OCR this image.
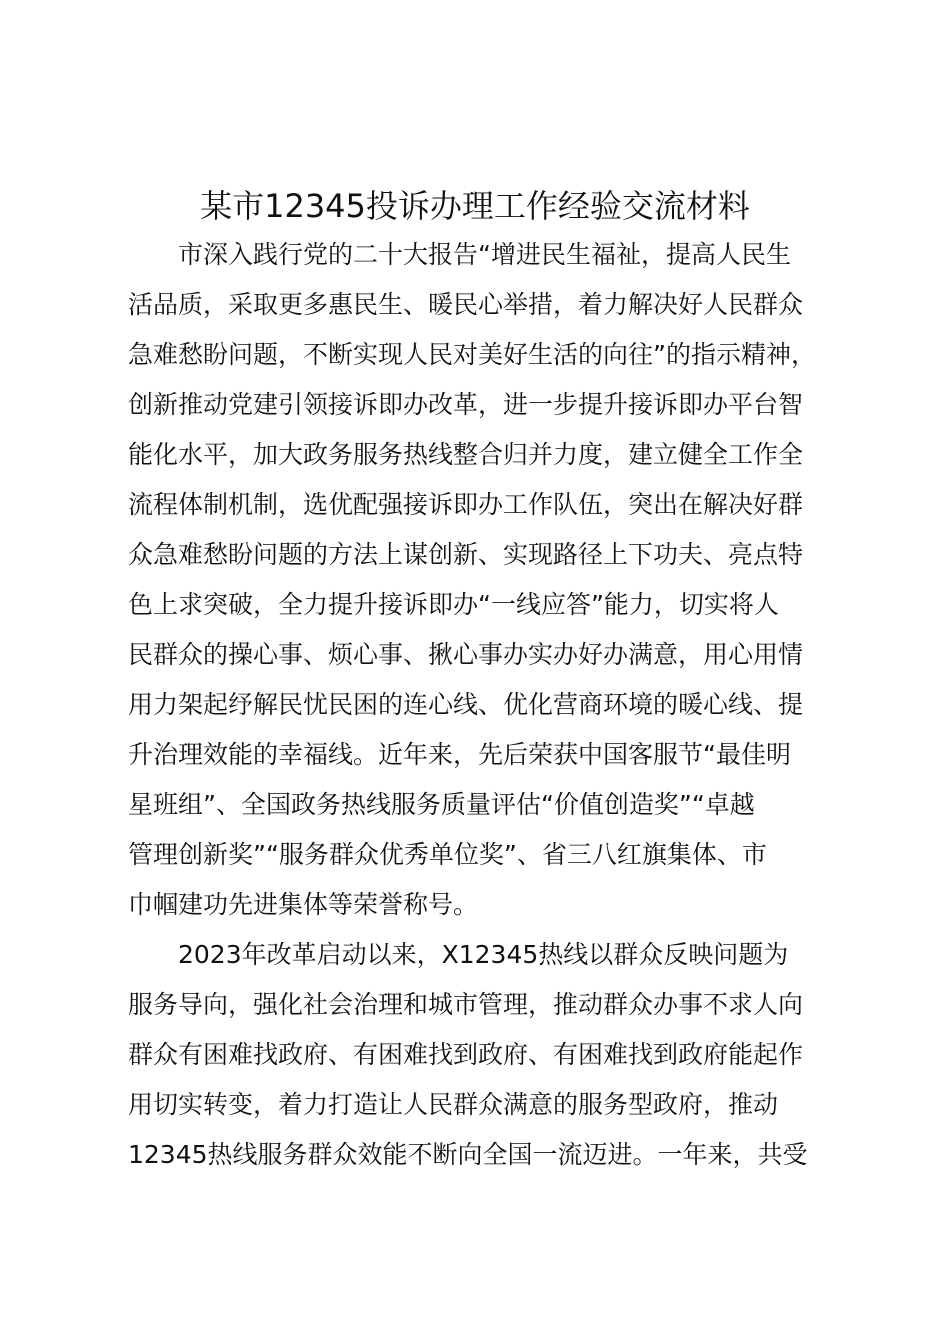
某市12345投诉办理工作经验交流材料
市深入践行党的二十大报告“增进民生福祉，提高人民生
活品质，采取更多惠民生、暖民心举措，着力解决好人民群众
急难愁盼问题，不断实现人民对美好生活的向往”的指示精神，
创新推动党建引领接诉即办改革，进一步提升接诉即办平台智
能化水平，加大政务服务热线整合归并力度，建立健全工作全
流程体制机制，选优配强接诉即办工作队伍，突出在解决好群
众急难愁盼问题的方法上谋创新、实现路径上下功夫、亮点特
色上求突破，全力提升接诉即办“一线应答”能力，切实将人
民群众的操心事、烦心事、揪心事办实办好办满意，用心用情
用力架起纾解民忧民困的连心线、优化营商环境的暖心线、提
升治理效能的幸福线。近年来，先后荣获中国客服节“最佳明
星班组”、全国政务热线服务质量评估“价值创造奖”“卓越
管理创新奖”“服务群众优秀单位奖”、省三八红旗集体、市
巾帼建功先进集体等荣誉称号。
2023年改革启动以来，X12345热线以群众反映问题为
服务导向，强化社会治理和城市管理，推动群众办事不求人向
群众有困难找政府、有困难找到政府、有困难找到政府能起作
用切实转变，着力打造让人民群众满意的服务型政府，推动
12345热线服务群众效能不断向全国一流迈进。一年来，共受
